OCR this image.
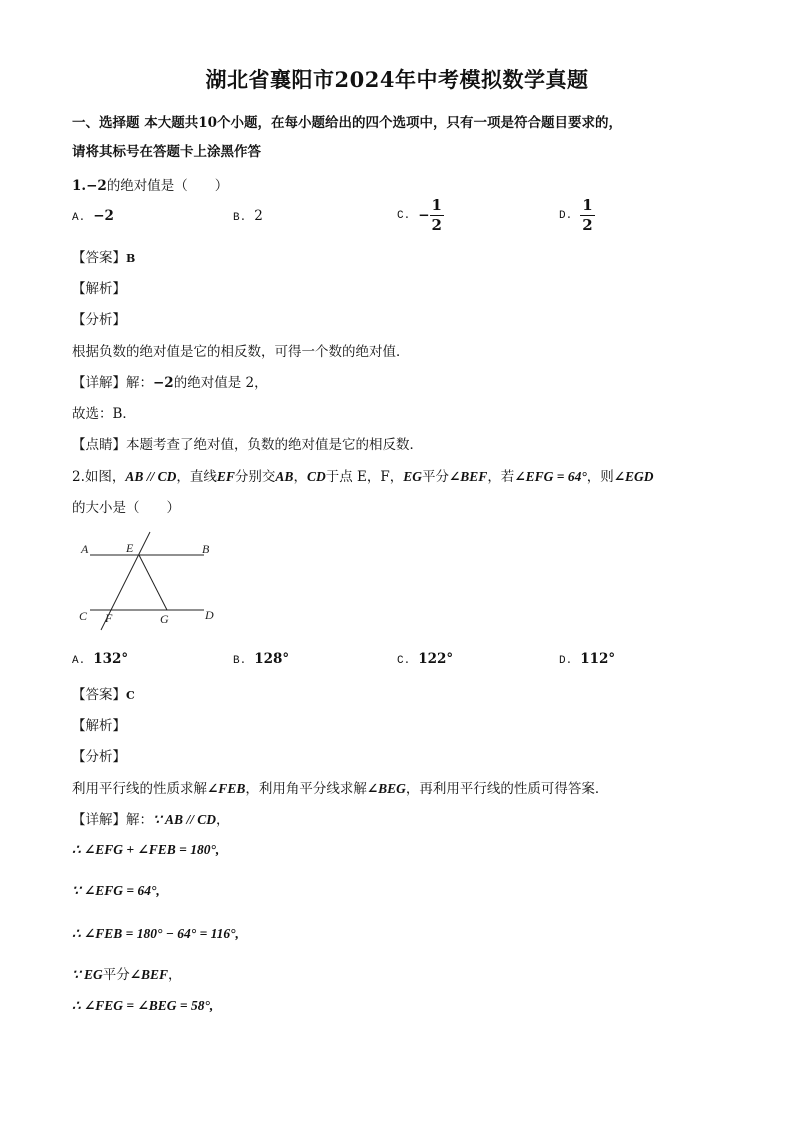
湖北省襄阳市2024年中考模拟数学真题
一、选择题 本大题共10个小题，在每小题给出的四个选项中，只有一项是符合题目要求的，
请将其标号在答题卡上涂黑作答
1.−2的绝对值是（　　）
A. −2	B. 2	C. − $\frac{1}{2}$	D. $\frac{1}{2}$
【答案】B
【解析】
【分析】
根据负数的绝对值是它的相反数，可得一个数的绝对值．
【详解】解：−2的绝对值是 2，
故选：B．
【点睛】本题考查了绝对值，负数的绝对值是它的相反数．
2.如图，AB // CD，直线EF分别交AB，CD于点 E，F，EG平分∠BEF，若∠EFG = 64°，则∠EGD
的大小是（　　）
A	E	B
C F	G	D
A. 132°	B. 128°	C. 122°	D. 112°
【答案】C
【解析】
【分析】
利用平行线的性质求解∠FEB，利用角平分线求解∠BEG，再利用平行线的性质可得答案．
【详解】解：∵ AB // CD，
∴ ∠EFG + ∠FEB = 180°,
∵ ∠EFG = 64°,
∴ ∠FEB = 180° − 64° = 116°,
∵ EG平分∠BEF，
∴ ∠FEG = ∠BEG = 58°,
